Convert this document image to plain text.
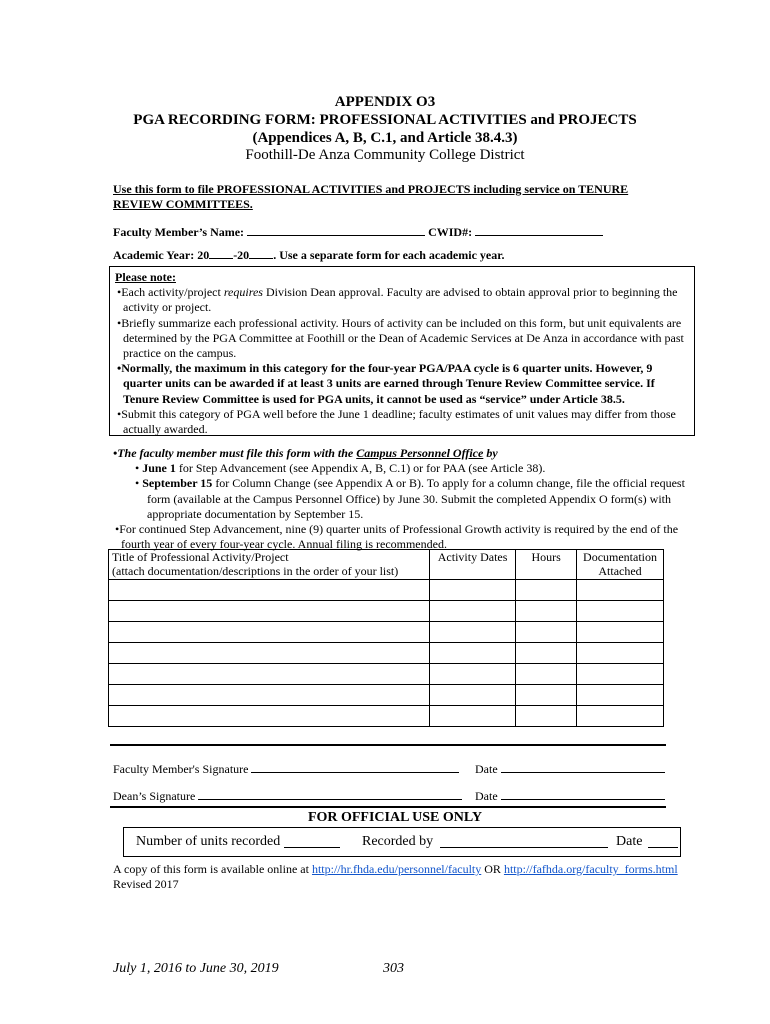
APPENDIX O3
PGA RECORDING FORM: PROFESSIONAL ACTIVITIES and PROJECTS
(Appendices A, B, C.1, and Article 38.4.3)
Foothill-De Anza Community College District
Use this form to file PROFESSIONAL ACTIVITIES and PROJECTS including service on TENURE REVIEW COMMITTEES.
Faculty Member’s Name:	CWID#:
Academic Year: 20 -20 . Use a separate form for each academic year.

Please note:

•Each activity/project requires Division Dean approval. Faculty are advised to obtain approval prior to beginning the activity or project.

•Briefly summarize each professional activity. Hours of activity can be included on this form, but unit equivalents are determined by the PGA Committee at Foothill or the Dean of Academic Services at De Anza in accordance with past practice on the campus.

•Normally, the maximum in this category for the four-year PGA/PAA cycle is 6 quarter units. However, 9 quarter units can be awarded if at least 3 units are earned through Tenure Review Committee service. If Tenure Review Committee is used for PGA units, it cannot be used as “service” under Article 38.5.

•Submit this category of PGA well before the June 1 deadline; faculty estimates of unit values may differ from those actually awarded.

•The faculty member must file this form with the Campus Personnel Office by

• June 1 for Step Advancement (see Appendix A, B, C.1) or for PAA (see Article 38).

• September 15 for Column Change (see Appendix A or B). To apply for a column change, file the official request form (available at the Campus Personnel Office) by June 30. Submit the completed Appendix O form(s) with appropriate documentation by September 15.

•For continued Step Advancement, nine (9) quarter units of Professional Growth activity is required by the end of the fourth year of every four-year cycle. Annual filing is recommended.

Title of Professional Activity/Project
(attach documentation/descriptions in the order of your list)	Activity Dates	Hours	Documentation
Attached

Faculty Member's Signature	Date
Dean’s Signature	Date
FOR OFFICIAL USE ONLY
Number of units recorded	Recorded by	Date
A copy of this form is available online at http://hr.fhda.edu/personnel/faculty OR http://fafhda.org/faculty_forms.html
Revised 2017
July 1, 2016 to June 30, 2019	303
